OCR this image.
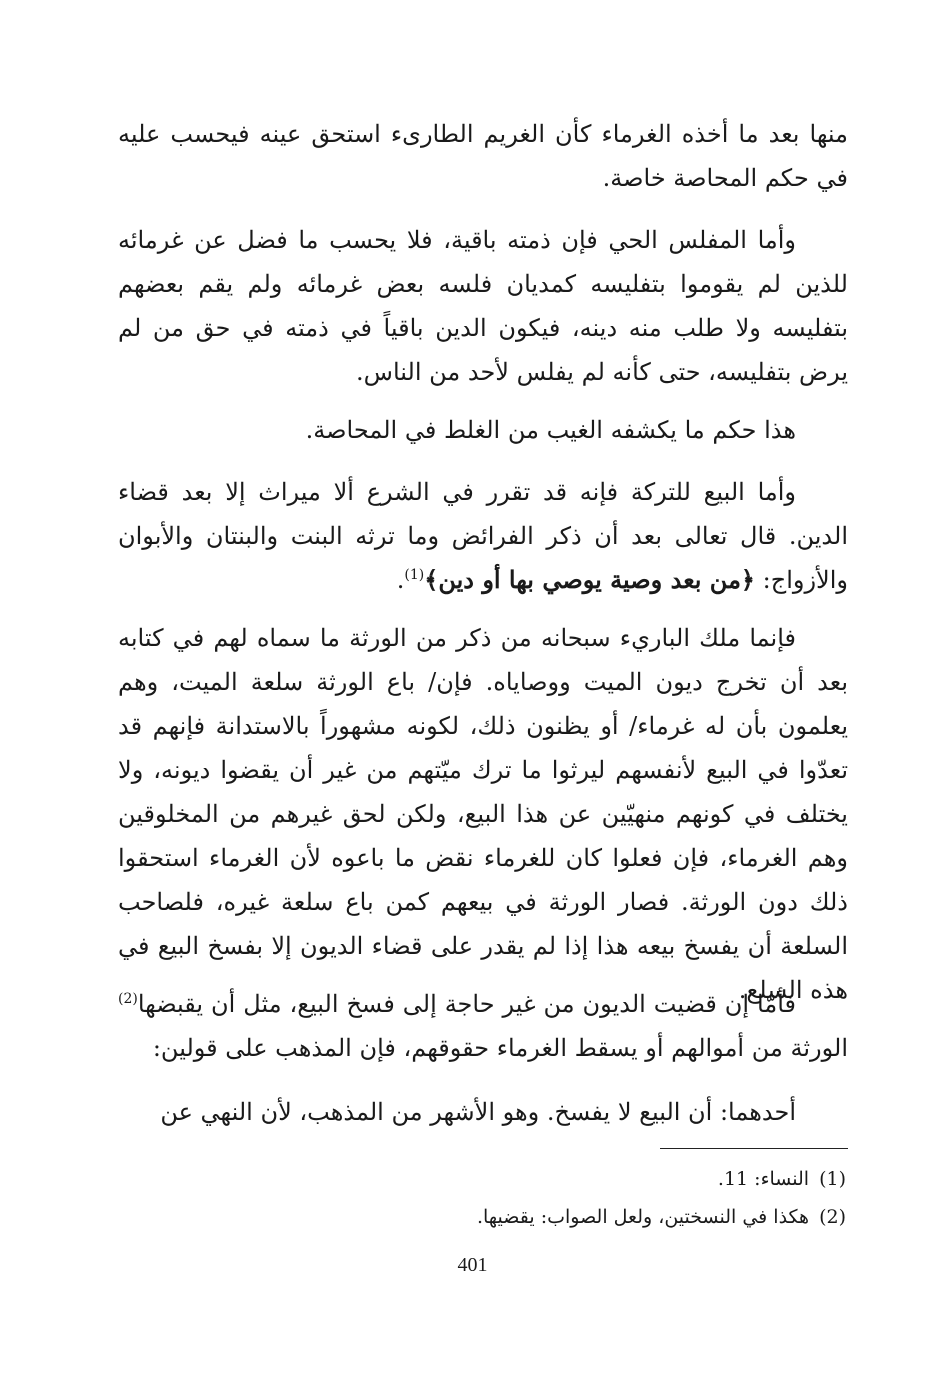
منها بعد ما أخذه الغرماء كأن الغريم الطارىء استحق عينه فيحسب عليه في حكم المحاصة خاصة.

وأما المفلس الحي فإن ذمته باقية، فلا يحسب ما فضل عن غرمائه للذين لم يقوموا بتفليسه كمديان فلسه بعض غرمائه ولم يقم بعضهم بتفليسه ولا طلب منه دينه، فيكون الدين باقياً في ذمته في حق من لم يرض بتفليسه، حتى كأنه لم يفلس لأحد من الناس.

هذا حكم ما يكشفه الغيب من الغلط في المحاصة.

وأما البيع للتركة فإنه قد تقرر في الشرع ألا ميراث إلا بعد قضاء الدين. قال تعالى بعد أن ذكر الفرائض وما ترثه البنت والبنتان والأبوان والأزواج: ﴿من بعد وصية يوصي بها أو دين﴾$^{(1)}$.

فإنما ملك الباريء سبحانه من ذكر من الورثة ما سماه لهم في كتابه بعد أن تخرج ديون الميت ووصاياه. فإن/ باع الورثة سلعة الميت، وهم يعلمون بأن له غرماء/ أو يظنون ذلك، لكونه مشهوراً بالاستدانة فإنهم قد تعدّوا في البيع لأنفسهم ليرثوا ما ترك ميّتهم من غير أن يقضوا ديونه، ولا يختلف في كونهم منهيّين عن هذا البيع، ولكن لحق غيرهم من المخلوقين وهم الغرماء، فإن فعلوا كان للغرماء نقض ما باعوه لأن الغرماء استحقوا ذلك دون الورثة. فصار الورثة في بيعهم كمن باع سلعة غيره، فلصاحب السلعة أن يفسخ بيعه هذا إذا لم يقدر على قضاء الديون إلا بفسخ البيع في هذه السلع.

فأمّا إن قضيت الديون من غير حاجة إلى فسخ البيع، مثل أن يقبضها$^{(2)}$ الورثة من أموالهم أو يسقط الغرماء حقوقهم، فإن المذهب على قولين:

أحدهما: أن البيع لا يفسخ. وهو الأشهر من المذهب، لأن النهي عن

(1)النساء: 11.

(2)هكذا في النسختين، ولعل الصواب: يقضيها.

401
